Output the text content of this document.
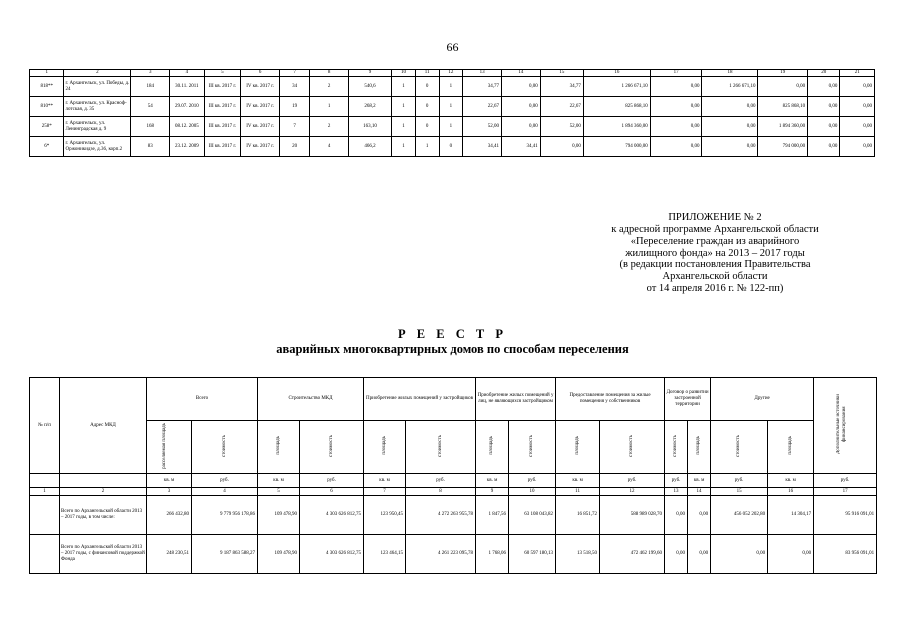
66
1	2	3	4	5	6	7	8	9	10	11	12	13	14	15	16	17	18	19	20	21
818**	г. Архангельск, ул. Победы, д. 24	184	30.11. 2011	III кв. 2017 г.	IV кв. 2017 г.	34	2	540,6	1	0	1	34,77	0,00	34,77	1 266 671,10	0,00	1 266 671,10	0,00	0,00	0,00
810**	г. Архангельск, ул. Краснофлотская, д. 35	54	29.07. 2010	III кв. 2017 г.	IV кв. 2017 г.	19	1	268,2	1	0	1	22,67	0,00	22,67	825 868,10	0,00	0,00	825 868,10	0,00	0,00
258*	г. Архангельск, ул. Ленинградская д. 9	168	08.12. 2005	III кв. 2017 г.	IV кв. 2017 г.	7	2	163,10	1	0	1	52,00	0,00	52,00	1 894 360,00	0,00	0,00	1 894 360,00	0,00	0,00
6*	г. Архангельск, ул. Оржоникидзе, д.36, корп.2	83	23.12. 2009	III кв. 2017 г.	IV кв. 2017 г.	20	4	466,2	1	1	0	34,41	34,41	0,00	794 000,00	0,00	0,00	794 000,00	0,00	0,00
ПРИЛОЖЕНИЕ № 2
к адресной программе Архангельской области
«Переселение граждан из аварийного
жилищного фонда» на 2013 – 2017 годы
(в редакции постановления Правительства
Архангельской области
от 14 апреля 2016 г. № 122-пп)
Р Е Е С Т Р
аварийных многоквартирных домов по способам переселения
№ п/п	Адрес МКД	Всего		Строительство МКД		Приобретение жилых помещений у застройщиков		Приобретение жилых помещений у лиц, не являющихся застройщиком		Предоставление помещения за жилые помещения у собственников		Договор о развитии застроенной территории		Другие		Дополнительные источники финансирования
		расселяемая площадь	стоимость	площадь	стоимость	площадь	стоимость	площадь	стоимость	площадь	стоимость	стоимость	площадь	стоимость	площадь	
		кв. м	руб.	кв. м	руб.	кв. м	руб.	кв. м	руб.	кв. м	руб.	руб.	кв. м	руб.	кв. м	руб.
1	2	3	4	5	6	7	8	9	10	11	12	13	14	15	16	17
	Всего по Архангельской области 2013 – 2017 годы, в том числе:	266 432,80	9 779 956 178,86	109 478,90	4 303 626 812,75	123 950,45	4 272 263 955,78	1 847,56	63 108 043,82	16 851,72	588 989 028,70	0,00	0,00	456 052 202,80	14 304,17	95 916 091,01
	Всего по Архангельской области 2013 – 2017 годы, с финансовой поддержкой Фонда	248 230,51	9 187 863 588,27	109 478,90	4 303 626 812,75	123 464,15	4 261 223 095,78	1 768,06	60 597 180,13	13 518,50	472 462 199,60	0,00	0,00	0,00	0,00	83 956 091,01
